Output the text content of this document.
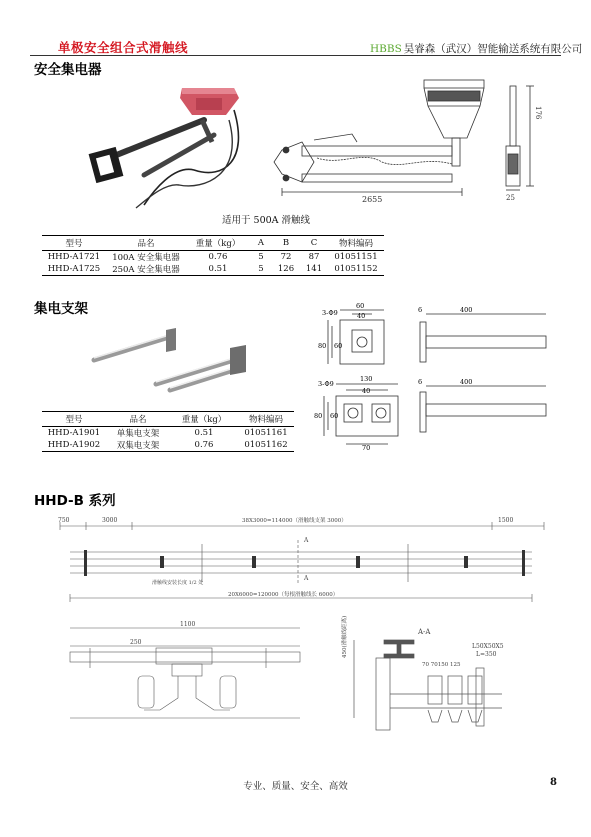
单极安全组合式滑触线	HBBS 昊睿森（武汉）智能输送系统有限公司
安全集电器
2655
176
25
适用于 500A 滑触线
型号	品名	重量（kg）	A	B	C	物料编码
HHD-A1721	100A 安全集电器	0.76	5	72	87	01051151
HHD-A1725	250A 安全集电器	0.51	5	126	141	01051152
集电支架	3-Φ9
60
40
80 60
6	400
3-Φ9
130
40
80 60
70
6	400
型号	品名	重量（kg）	物料编码
HHD-A1901	单集电支架	0.51	01051161
HHD-A1902	双集电支架	0.76	01051162
HHD-B 系列
750	3000	38X3000=114000（滑触线支架 3000）	1500
A
A
滑触线安装长度 1/2 处
20X6000=120000（每根滑触线长 6000）
1100
250
A-A
L50X50X5
L=350
70 70150 125
450(滑触线距离)
专业、质量、安全、高效	8
